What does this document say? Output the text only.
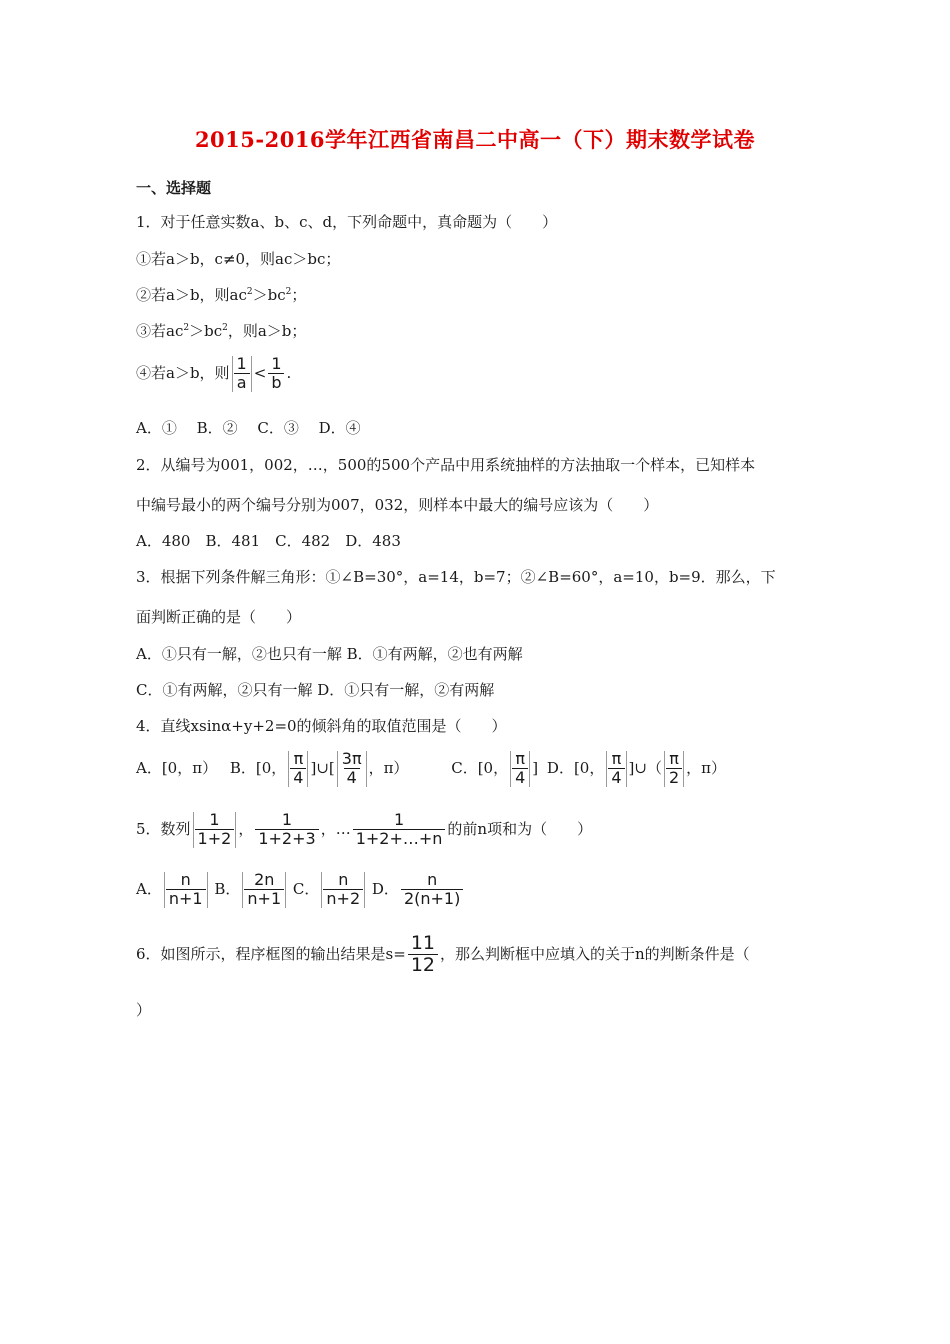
2015-2016学年江西省南昌二中高一（下）期末数学试卷
一、选择题
1．对于任意实数a、b、c、d，下列命题中，真命题为（　　）
①若a＞b，c≠0，则ac＞bc；
②若a＞b，则$ac^2>bc^2$；
③若$ac^2>bc^2$，则a＞b；
④若a＞b，则 $\frac{1}{a} < \frac{1}{b}$ .
A．①　 B．②　 C．③　 D．④
2．从编号为001，002，…，500的500个产品中用系统抽样的方法抽取一个样本，已知样本
中编号最小的两个编号分别为007，032，则样本中最大的编号应该为（　　）
A．480　B．481　C．482　D．483
3．根据下列条件解三角形：①∠B=30°，a=14，b=7；②∠B=60°，a=10，b=9．那么，下
面判断正确的是（　　）
A．①只有一解，②也只有一解 B．①有两解，②也有两解
C．①有两解，②只有一解 D．①只有一解，②有两解
4．直线xsinα+y+2=0的倾斜角的取值范围是（　　）
A．[0，π） B．[0， $\frac{\pi}{4}$ ]∪[ $\frac{3\pi}{4}$ ，π）	C．[0， $\frac{\pi}{4}$ ] D．[0， $\frac{\pi}{4}$ ]∪（ $\frac{\pi}{2}$ ，π）
5．数列 $\frac{1}{1+2}$ ， $\frac{1}{1+2+3}$ ，… $\frac{1}{1+2+\dots+n}$ 的前n项和为（　　）
A． $\frac{n}{n+1}$ B． $\frac{2n}{n+1}$ C． $\frac{n}{n+2}$ D． $\frac{n}{2(n+1)}$
6．如图所示，程序框图的输出结果是$s= \frac{11}{12}$ ，那么判断框中应填入的关于n的判断条件是（
）
